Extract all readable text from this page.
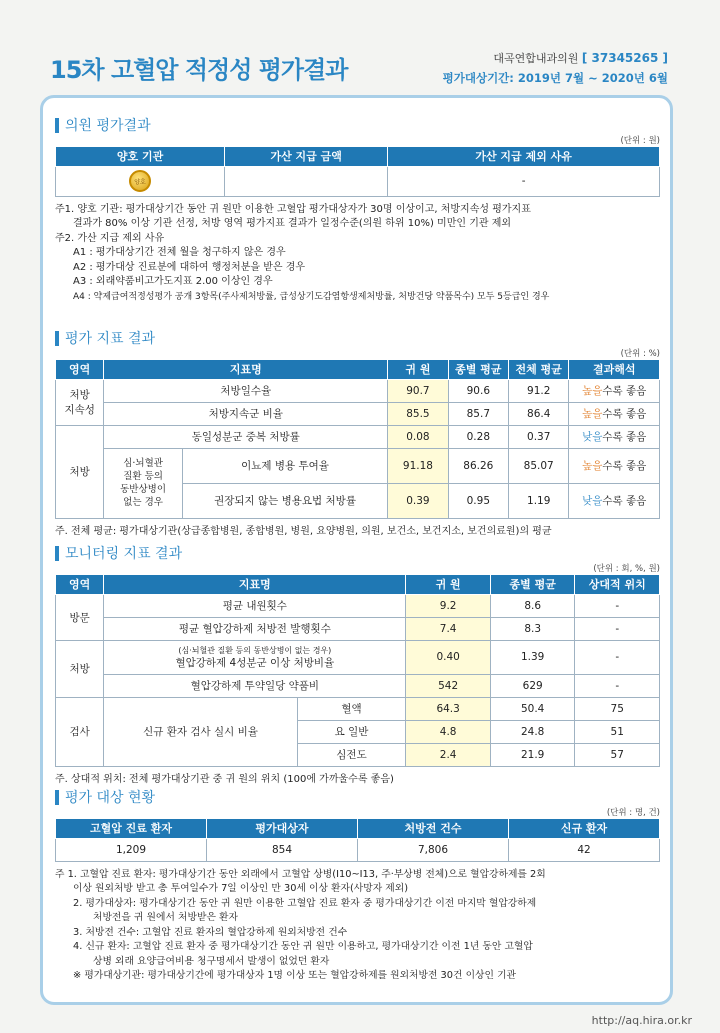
15차 고혈압 적정성 평가결과	대곡연합내과의원 [ 37345265 ]
평가대상기간: 2019년 7월 ~ 2020년 6월
의원 평가결과
(단위 : 원)
양호 기관	가산 지급 금액	가산 지급 제외 사유

양호		-
주1. 양호 기관: 평가대상기간 동안 귀 원만 이용한 고혈압 평가대상자가 30명 이상이고, 처방지속성 평가지표
결과가 80% 이상 기관 선정, 처방 영역 평가지표 결과가 일정수준(의원 하위 10%) 미만인 기관 제외
주2. 가산 지급 제외 사유
A1 : 평가대상기간 전체 월을 청구하지 않은 경우
A2 : 평가대상 진료분에 대하여 행정처분을 받은 경우
A3 : 외래약품비고가도지표 2.00 이상인 경우
A4 : 약제급여적정성평가 공개 3항목(주사제처방률, 급성상기도감염항생제처방률, 처방건당 약품목수) 모두 5등급인 경우
평가 지표 결과
(단위 : %)
영역	지표명		귀 원	종별 평균	전체 평균	결과해석
처방
지속성	처방일수율		90.7	90.6	91.2	높을수록 좋음
	처방지속군 비율		85.5	85.7	86.4	높을수록 좋음
처방	동일성분군 중복 처방률		0.08	0.28	0.37	낮을수록 좋음
	심·뇌혈관
질환 등의
동반상병이
없는 경우	이뇨제 병용 투여율	91.18	86.26	85.07	높을수록 좋음
		권장되지 않는 병용요법 처방률	0.39	0.95	1.19	낮을수록 좋음
주. 전체 평균: 평가대상기관(상급종합병원, 종합병원, 병원, 요양병원, 의원, 보건소, 보건지소, 보건의료원)의 평균
모니터링 지표 결과
(단위 : 회, %, 원)
영역	지표명		귀 원	종별 평균	상대적 위치
방문	평균 내원횟수		9.2	8.6	-
	평균 혈압강하제 처방전 발행횟수		7.4	8.3	-
처방	(심·뇌혈관 질환 등의 동반상병이 없는 경우)
혈압강하제 4성분군 이상 처방비율		0.40	1.39	-
	혈압강하제 투약일당 약품비		542	629	-
검사	신규 환자 검사 실시 비율	혈액	64.3	50.4	75
		요 일반	4.8	24.8	51
		심전도	2.4	21.9	57
주. 상대적 위치: 전체 평가대상기관 중 귀 원의 위치 (100에 가까울수록 좋음)
평가 대상 현황
(단위 : 명, 건)
고혈압 진료 환자	평가대상자	처방전 건수	신규 환자
1,209	854	7,806	42
주 1. 고혈압 진료 환자: 평가대상기간 동안 외래에서 고혈압 상병(I10~I13, 주·부상병 전체)으로 혈압강하제를 2회
이상 원외처방 받고 총 투여일수가 7일 이상인 만 30세 이상 환자(사망자 제외)
2. 평가대상자: 평가대상기간 동안 귀 원만 이용한 고혈압 진료 환자 중 평가대상기간 이전 마지막 혈압강하제
처방전을 귀 원에서 처방받은 환자
3. 처방전 건수: 고혈압 진료 환자의 혈압강하제 원외처방전 건수
4. 신규 환자: 고혈압 진료 환자 중 평가대상기간 동안 귀 원만 이용하고, 평가대상기간 이전 1년 동안 고혈압
상병 외래 요양급여비용 청구명세서 발생이 없었던 환자
※ 평가대상기관: 평가대상기간에 평가대상자 1명 이상 또는 혈압강하제를 원외처방전 30건 이상인 기관
http://aq.hira.or.kr
